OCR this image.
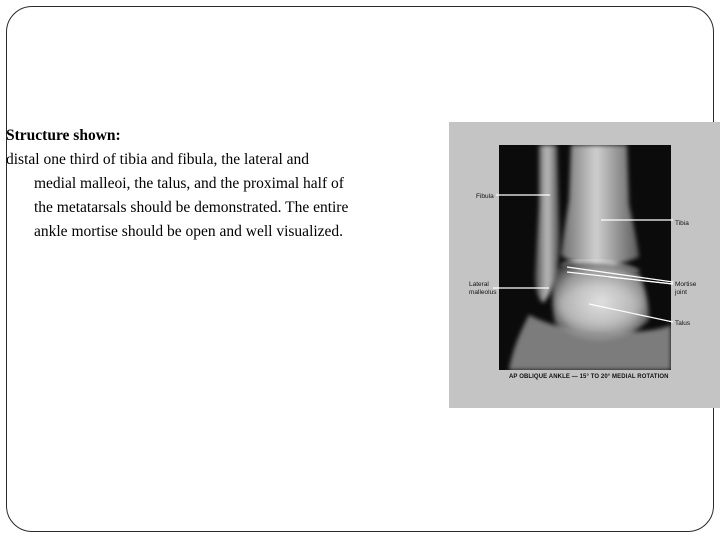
Structure shown:
distal one third of tibia and fibula, the lateral and medial malleoi, the talus, and the proximal half of the metatarsals should be demonstrated. The entire ankle mortise should be open and well visualized.
Fibula
Tibia
Lateral malleolus
Mortise joint
Talus
AP OBLIQUE ANKLE — 15° TO 20° MEDIAL ROTATION
